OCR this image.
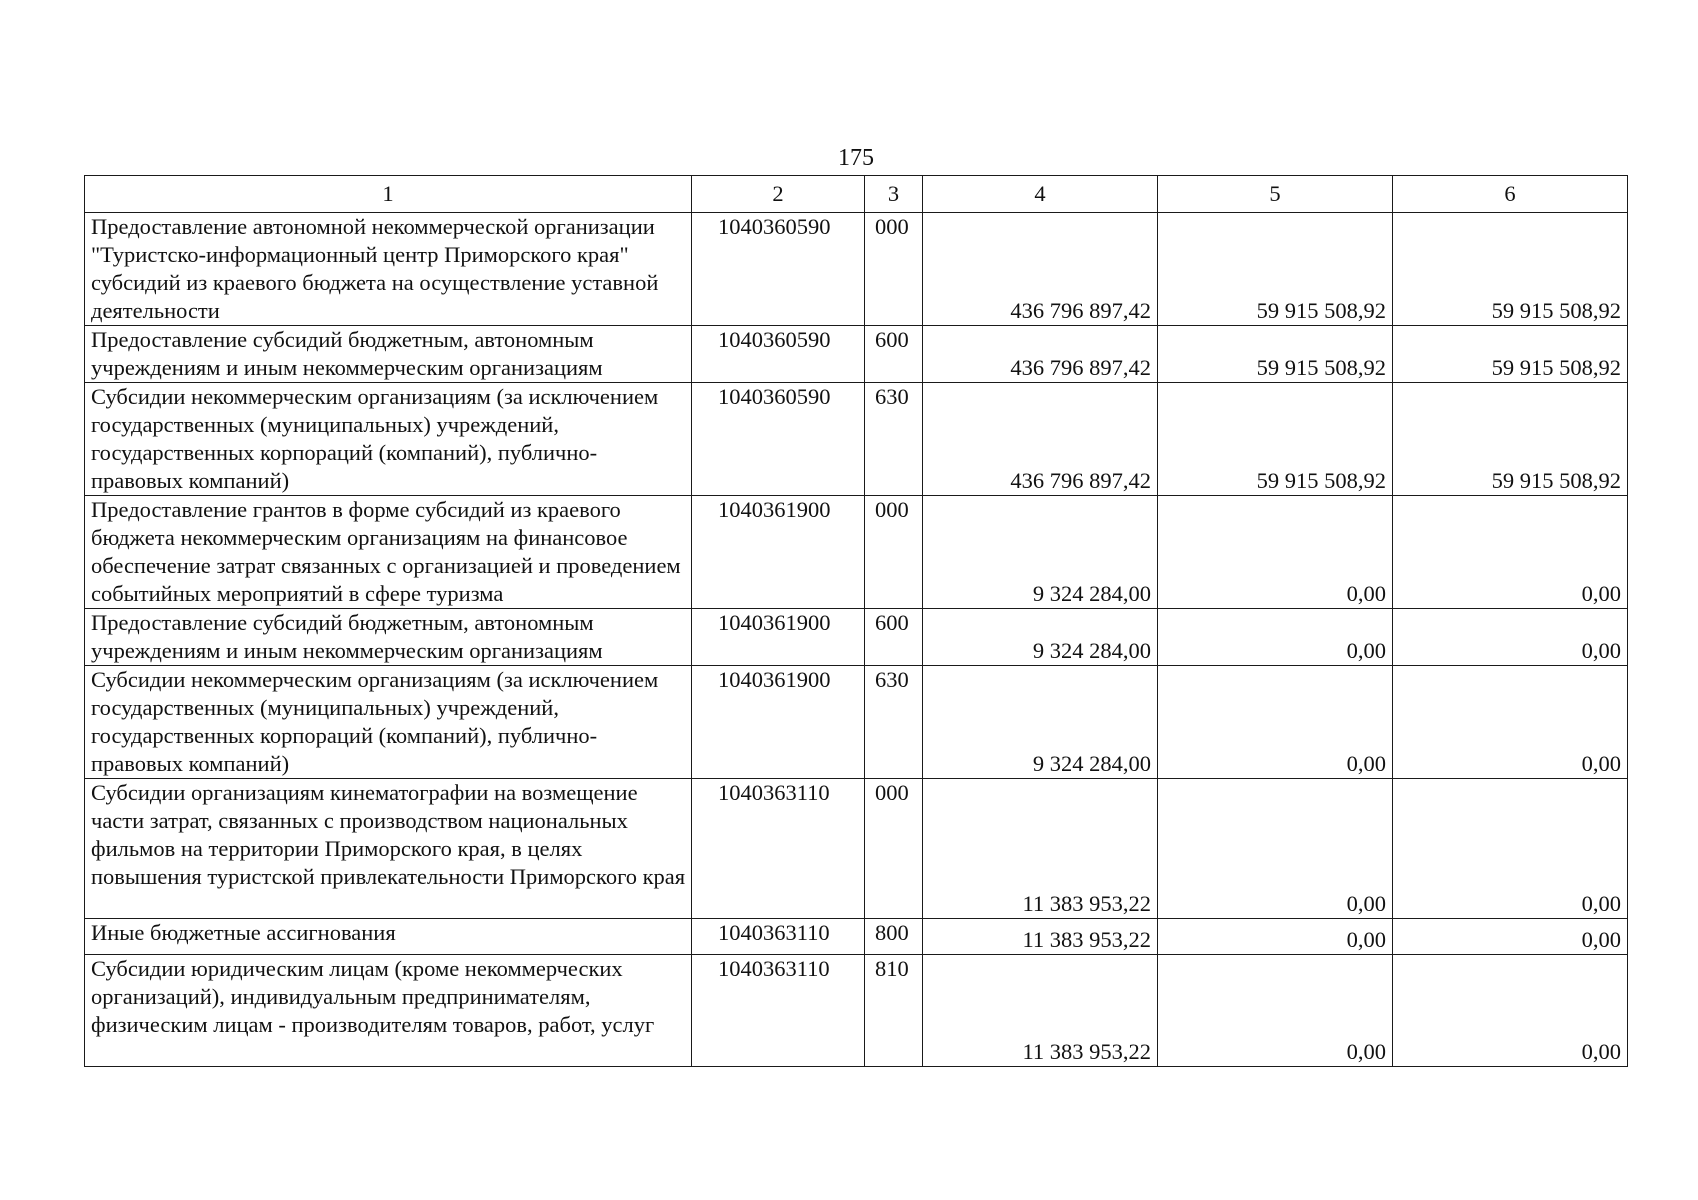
175
1	2	3	4	5	6
Предоставление автономной некоммерческой организации "Туристско-информационный центр Приморского края" субсидий из краевого бюджета на осуществление уставной деятельности	1040360590	000	436 796 897,42	59 915 508,92	59 915 508,92
Предоставление субсидий бюджетным, автономным учреждениям и иным некоммерческим организациям	1040360590	600	436 796 897,42	59 915 508,92	59 915 508,92
Субсидии некоммерческим организациям (за исключением государственных (муниципальных) учреждений, государственных корпораций (компаний), публично-правовых компаний)	1040360590	630	436 796 897,42	59 915 508,92	59 915 508,92
Предоставление грантов в форме субсидий из краевого бюджета некоммерческим организациям на финансовое обеспечение затрат связанных с организацией и проведением событийных мероприятий в сфере туризма	1040361900	000	9 324 284,00	0,00	0,00
Предоставление субсидий бюджетным, автономным учреждениям и иным некоммерческим организациям	1040361900	600	9 324 284,00	0,00	0,00
Субсидии некоммерческим организациям (за исключением государственных (муниципальных) учреждений, государственных корпораций (компаний), публично-правовых компаний)	1040361900	630	9 324 284,00	0,00	0,00
Субсидии организациям кинематографии на возмещение части затрат, связанных с производством национальных фильмов на территории Приморского края, в целях повышения туристской привлекательности Приморского края	1040363110	000	11 383 953,22	0,00	0,00
Иные бюджетные ассигнования	1040363110	800	11 383 953,22	0,00	0,00
Субсидии юридическим лицам (кроме некоммерческих организаций), индивидуальным предпринимателям, физическим лицам - производителям товаров, работ, услуг	1040363110	810	11 383 953,22	0,00	0,00
